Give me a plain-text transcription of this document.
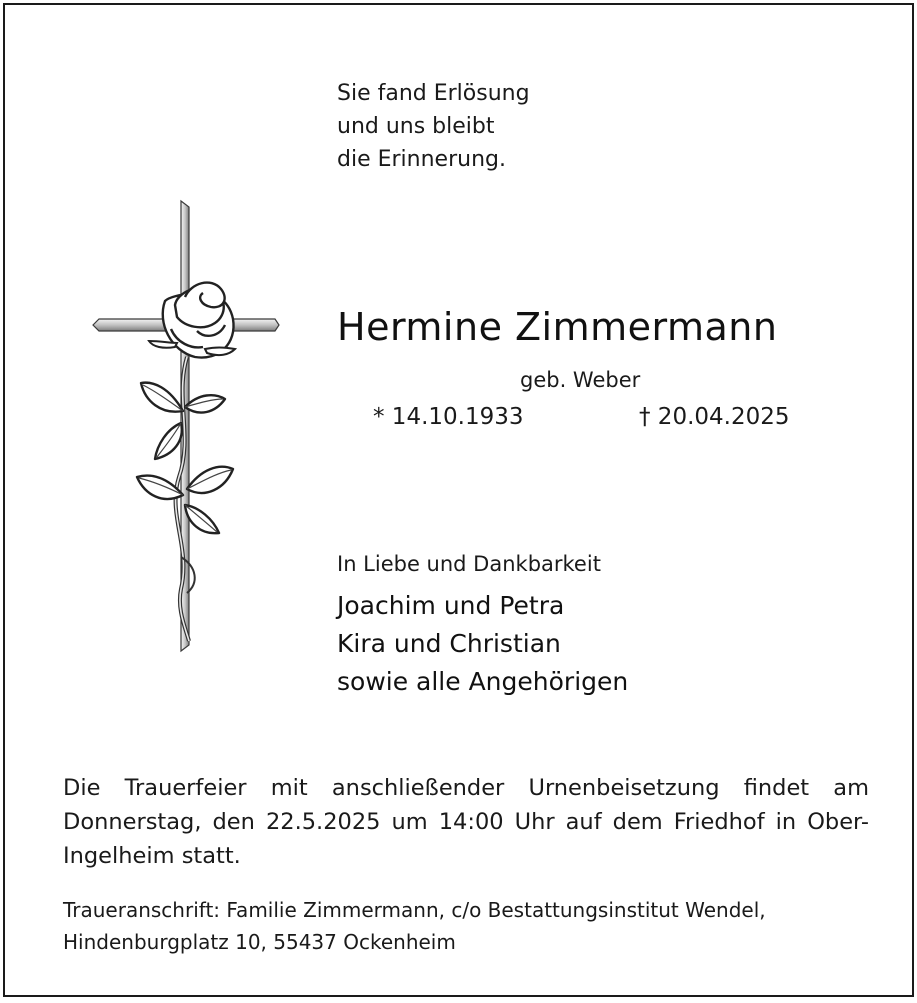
Sie fand Erlösung
und uns bleibt
die Erinnerung.
Hermine Zimmermann
geb. Weber
* 14.10.1933	† 20.04.2025
In Liebe und Dankbarkeit
Joachim und Petra
Kira und Christian
sowie alle Angehörigen
Die Trauerfeier mit anschließender Urnenbeisetzung findet am Donnerstag, den 22.5.2025 um 14:00 Uhr auf dem Friedhof in Ober-Ingelheim statt.
Traueranschrift: Familie Zimmermann, c/o Bestattungsinstitut Wendel,
Hindenburgplatz 10, 55437 Ockenheim
